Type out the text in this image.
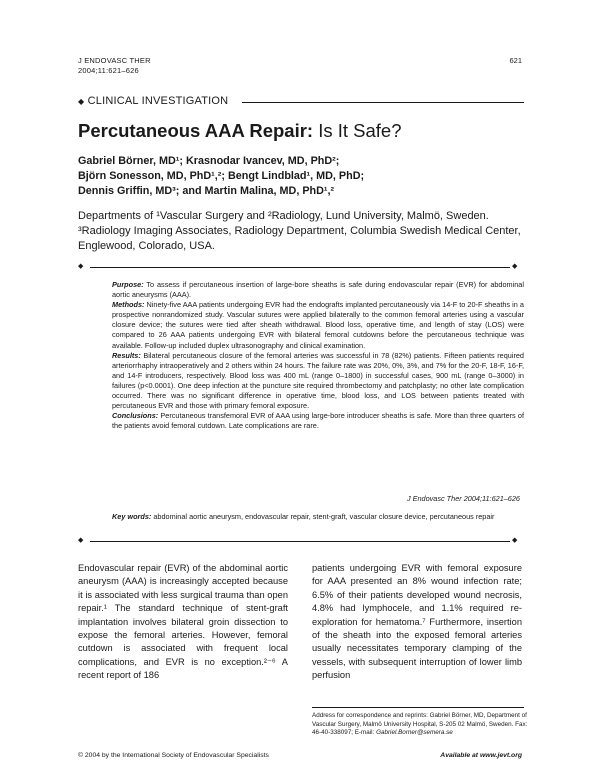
J ENDOVASC THER
2004;11:621–626
621
◆ CLINICAL INVESTIGATION
Percutaneous AAA Repair: Is It Safe?
Gabriel Börner, MD¹; Krasnodar Ivancev, MD, PhD²;
Björn Sonesson, MD, PhD¹,²; Bengt Lindblad¹, MD, PhD;
Dennis Griffin, MD³; and Martin Malina, MD, PhD¹,²
Departments of ¹Vascular Surgery and ²Radiology, Lund University, Malmö, Sweden. ³Radiology Imaging Associates, Radiology Department, Columbia Swedish Medical Center, Englewood, Colorado, USA.
◆	◆

Purpose: To assess if percutaneous insertion of large-bore sheaths is safe during endovascular repair (EVR) for abdominal aortic aneurysms (AAA).

Methods: Ninety-five AAA patients undergoing EVR had the endografts implanted percutaneously via 14-F to 20-F sheaths in a prospective nonrandomized study. Vascular sutures were applied bilaterally to the common femoral arteries using a vascular closure device; the sutures were tied after sheath withdrawal. Blood loss, operative time, and length of stay (LOS) were compared to 26 AAA patients undergoing EVR with bilateral femoral cutdowns before the percutaneous technique was available. Follow-up included duplex ultrasonography and clinical examination.

Results: Bilateral percutaneous closure of the femoral arteries was successful in 78 (82%) patients. Fifteen patients required arteriorrhaphy intraoperatively and 2 others within 24 hours. The failure rate was 20%, 0%, 3%, and 7% for the 20-F, 18-F, 16-F, and 14-F introducers, respectively. Blood loss was 400 mL (range 0–1800) in successful cases, 900 mL (range 0–3000) in failures (p<0.0001). One deep infection at the puncture site required thrombectomy and patchplasty; no other late complication occurred. There was no significant difference in operative time, blood loss, and LOS between patients treated with percutaneous EVR and those with primary femoral exposure.

Conclusions: Percutaneous transfemoral EVR of AAA using large-bore introducer sheaths is safe. More than three quarters of the patients avoid femoral cutdown. Late complications are rare.

J Endovasc Ther 2004;11:621–626
Key words: abdominal aortic aneurysm, endovascular repair, stent-graft, vascular closure device, percutaneous repair
◆	◆

Endovascular repair (EVR) of the abdominal aortic aneurysm (AAA) is increasingly accepted because it is associated with less surgical trauma than open repair.¹ The standard technique of stent-graft implantation involves bilateral groin dissection to expose the femoral arteries. However, femoral cutdown is associated with frequent local complications, and EVR is no exception.²⁻⁶ A recent report of 186

patients undergoing EVR with femoral exposure for AAA presented an 8% wound infection rate; 6.5% of their patients developed wound necrosis, 4.8% had lymphocele, and 1.1% required re-exploration for hematoma.⁷ Furthermore, insertion of the sheath into the exposed femoral arteries usually necessitates temporary clamping of the vessels, with subsequent interruption of lower limb perfusion

Address for correspondence and reprints: Gabriel Börner, MD, Department of Vascular Surgery, Malmö University Hospital, S-205 02 Malmö, Sweden. Fax: 46-40-338097; E-mail: Gabriel.Borner@semera.se
© 2004 by the International Society of Endovascular Specialists	Available at www.jevt.org
